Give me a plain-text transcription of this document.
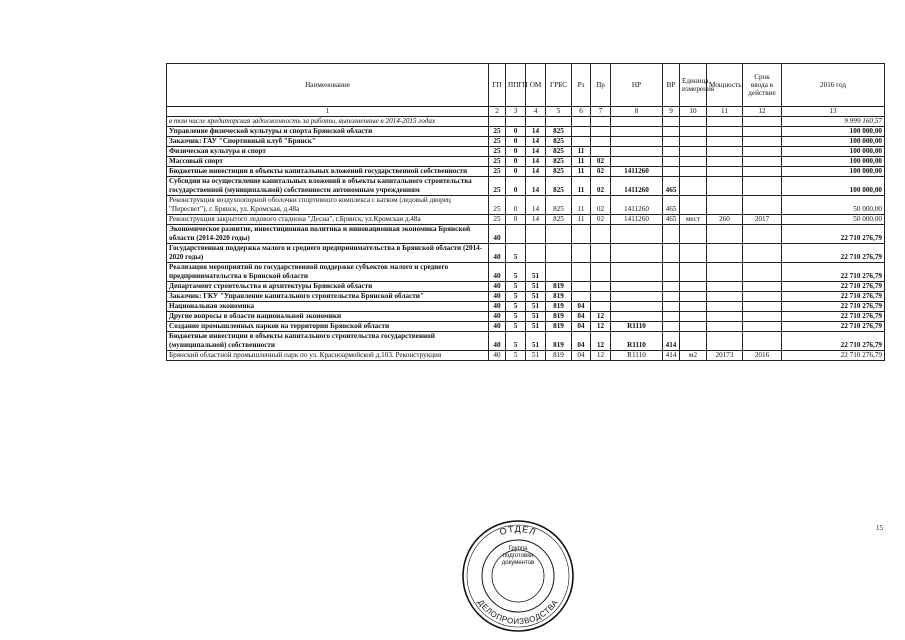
Наименование	ГП	ППГП	ОМ	ГРБС	Рз	Пр	НР	ВР	Единица измерения	Мощность	Срок ввода в действие	2016 год
1	2	3	4	5	6	7	8	9	10	11	12	13
в том числе кредиторская задолженность за работы, выполненные в 2014-2015 годах												9 999 160,57
Управление физической культуры и спорта Брянской области	25	0	14	825								100 000,00
Заказчик: ГАУ "Спортивный клуб "Брянск"	25	0	14	825								100 000,00
Физическая культура и спорт	25	0	14	825	11							100 000,00
Массовый спорт	25	0	14	825	11	02						100 000,00
Бюджетные инвестиции в объекты капитальных вложений государственной собственности	25	0	14	825	11	02	1411260					100 000,00
Субсидии на осуществление капитальных вложений в объекты капитального строительства государственной (муниципальной) собственности автономным учреждениям	25	0	14	825	11	02	1411260	465				100 000,00
Реконструкция воздухоопорной оболочки спортивного комплекса с катком (ледовый дворец "Пересвет"), г. Брянск, ул. Кромская, д.48а	25	0	14	825	11	02	1411260	465				50 000,00
Реконструкция закрытого ледового стадиона "Десна", г.Брянск, ул.Кромская д.48а	25	0	14	825	11	02	1411260	465	мест	260	2017	50 000,00
Экономическое развитие, инвестиционная политика и инновационная экономика Брянской области (2014-2020 годы)	40											22 710 276,79
Государственная поддержка малого и среднего предпринимательства в Брянской области (2014-2020 годы)	40	5										22 710 276,79
Реализация мероприятий по государственной поддержке субъектов малого и среднего предпринимательства в Брянской области	40	5	51									22 710 276,79
Департамент строительства и архитектуры Брянской области	40	5	51	819								22 710 276,79
Заказчик: ГКУ "Управление капитального строительства Брянской области"	40	5	51	819								22 710 276,79
Национальная экономика	40	5	51	819	04							22 710 276,79
Другие вопросы в области национальной экономики	40	5	51	819	04	12						22 710 276,79
Создание промышленных парков на территории Брянской области	40	5	51	819	04	12	R1110					22 710 276,79
Бюджетные инвестиции в объекты капитального строительства государственной (муниципальной) собственности	40	5	51	819	04	12	R1110	414				22 710 276,79
Брянский областной промышленный парк по ул. Красноармейской д.103. Реконструкция	40	5	51	819	04	12	R1110	414	м2	20173	2016	22 710 276,79
15
ОТДЕЛ
ДЕЛОПРОИЗВОДСТВА
Группа
подготовки
документов
